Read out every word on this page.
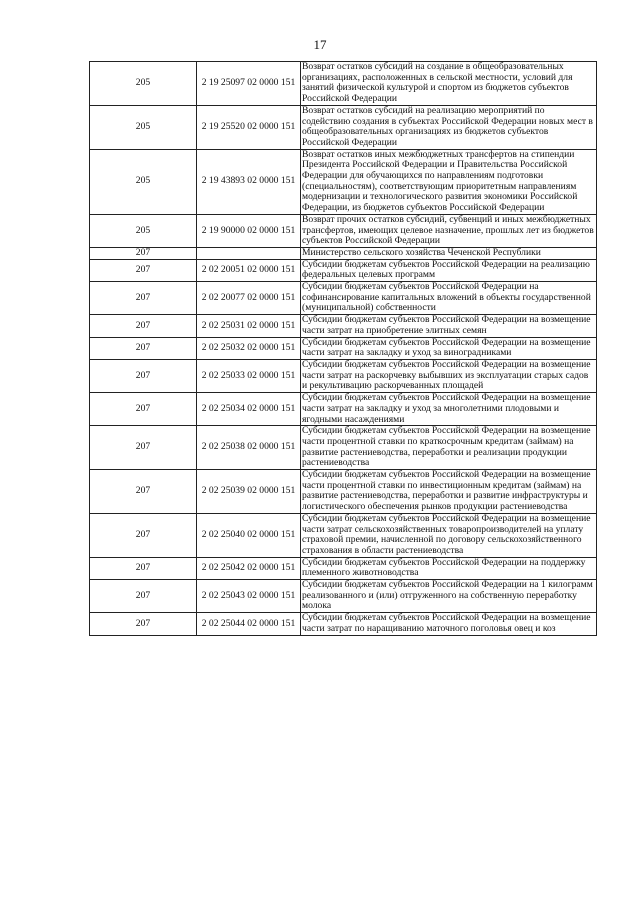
17
205	2 19 25097 02 0000 151	Возврат остатков субсидий на создание в общеобразовательных организациях, расположенных в сельской местности, условий для занятий физической культурой и спортом из бюджетов субъектов Российской Федерации
205	2 19 25520 02 0000 151	Возврат остатков субсидий на реализацию мероприятий по содействию создания в субъектах Российской Федерации новых мест в общеобразовательных организациях из бюджетов субъектов Российской Федерации
205	2 19 43893 02 0000 151	Возврат остатков иных межбюджетных трансфертов на стипендии Президента Российской Федерации и Правительства Российской Федерации для обучающихся по направлениям подготовки (специальностям), соответствующим приоритетным направлениям модернизации и технологического развития экономики Российской Федерации, из бюджетов субъектов Российской Федерации
205	2 19 90000 02 0000 151	Возврат прочих остатков субсидий, субвенций и иных межбюджетных трансфертов, имеющих целевое назначение, прошлых лет из бюджетов субъектов Российской Федерации
207		Министерство сельского хозяйства Чеченской Республики
207	2 02 20051 02 0000 151	Субсидии бюджетам субъектов Российской Федерации на реализацию федеральных целевых программ
207	2 02 20077 02 0000 151	Субсидии бюджетам субъектов Российской Федерации на софинансирование капитальных вложений в объекты государственной (муниципальной) собственности
207	2 02 25031 02 0000 151	Субсидии бюджетам субъектов Российской Федерации на возмещение части затрат на приобретение элитных семян
207	2 02 25032 02 0000 151	Субсидии бюджетам субъектов Российской Федерации на возмещение части затрат на закладку и уход за виноградниками
207	2 02 25033 02 0000 151	Субсидии бюджетам субъектов Российской Федерации на возмещение части затрат на раскорчевку выбывших из эксплуатации старых садов и рекультивацию раскорчеванных площадей
207	2 02 25034 02 0000 151	Субсидии бюджетам субъектов Российской Федерации на возмещение части затрат на закладку и уход за многолетними плодовыми и ягодными насаждениями
207	2 02 25038 02 0000 151	Субсидии бюджетам субъектов Российской Федерации на возмещение части процентной ставки по краткосрочным кредитам (займам) на развитие растениеводства, переработки и реализации продукции растениеводства
207	2 02 25039 02 0000 151	Субсидии бюджетам субъектов Российской Федерации на возмещение части процентной ставки по инвестиционным кредитам (займам) на развитие растениеводства, переработки и развитие инфраструктуры и логистического обеспечения рынков продукции растениеводства
207	2 02 25040 02 0000 151	Субсидии бюджетам субъектов Российской Федерации на возмещение части затрат сельскохозяйственных товаропроизводителей на уплату страховой премии, начисленной по договору сельскохозяйственного страхования в области растениеводства
207	2 02 25042 02 0000 151	Субсидии бюджетам субъектов Российской Федерации на поддержку племенного животноводства
207	2 02 25043 02 0000 151	Субсидии бюджетам субъектов Российской Федерации на 1 килограмм реализованного и (или) отгруженного на собственную переработку молока
207	2 02 25044 02 0000 151	Субсидии бюджетам субъектов Российской Федерации на возмещение части затрат по наращиванию маточного поголовья овец и коз
